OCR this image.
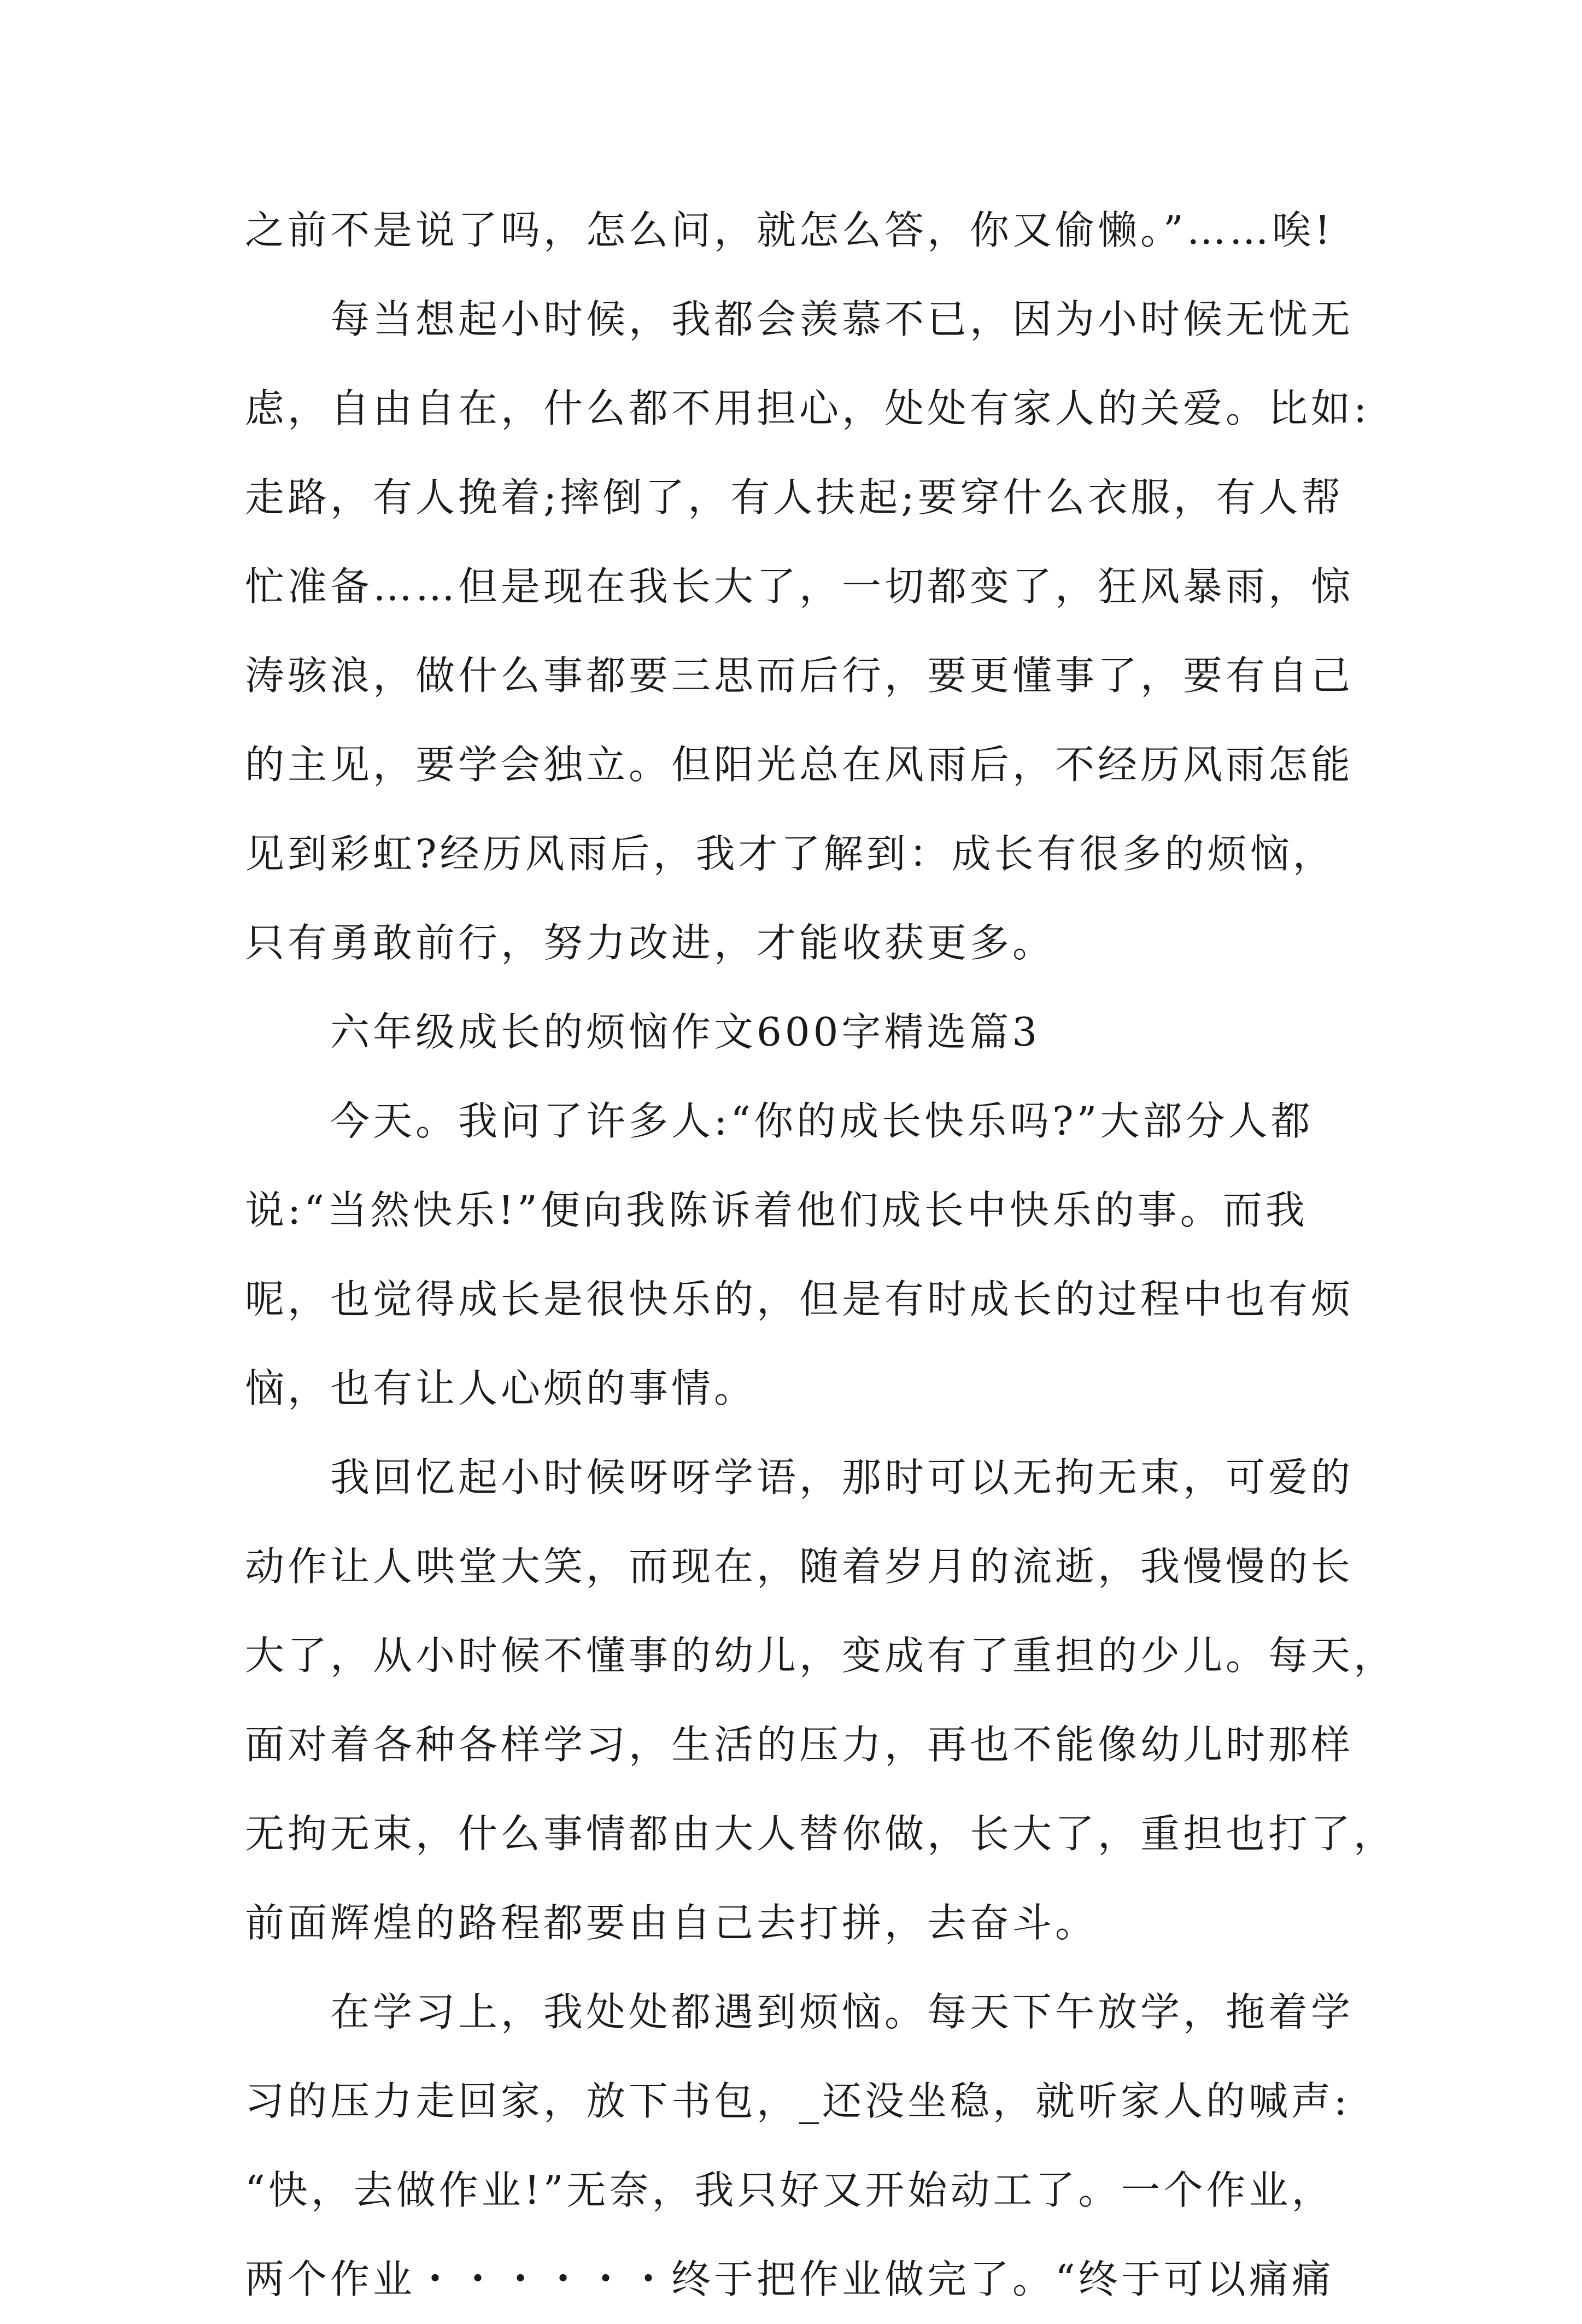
之前不是说了吗，怎么问，就怎么答，你又偷懒。”……唉!
每当想起小时候，我都会羡慕不已，因为小时候无忧无
虑，自由自在，什么都不用担心，处处有家人的关爱。比如:
走路，有人挽着;摔倒了，有人扶起;要穿什么衣服，有人帮
忙准备……但是现在我长大了，一切都变了，狂风暴雨，惊
涛骇浪，做什么事都要三思而后行，要更懂事了，要有自己
的主见，要学会独立。但阳光总在风雨后，不经历风雨怎能
见到彩虹?经历风雨后，我才了解到：成长有很多的烦恼，
只有勇敢前行，努力改进，才能收获更多。
六年级成长的烦恼作文600字精选篇3
今天。我问了许多人:“你的成长快乐吗?”大部分人都
说:“当然快乐!”便向我陈诉着他们成长中快乐的事。而我
呢，也觉得成长是很快乐的，但是有时成长的过程中也有烦
恼，也有让人心烦的事情。
我回忆起小时候呀呀学语，那时可以无拘无束，可爱的
动作让人哄堂大笑，而现在，随着岁月的流逝，我慢慢的长
大了，从小时候不懂事的幼儿，变成有了重担的少儿。每天，
面对着各种各样学习，生活的压力，再也不能像幼儿时那样
无拘无束，什么事情都由大人替你做，长大了，重担也打了，
前面辉煌的路程都要由自己去打拼，去奋斗。
在学习上，我处处都遇到烦恼。每天下午放学，拖着学
习的压力走回家，放下书包，_还没坐稳，就听家人的喊声:
“快，去做作业!”无奈，我只好又开始动工了。一个作业，
两个作业・・・・・・终于把作业做完了。“终于可以痛痛
